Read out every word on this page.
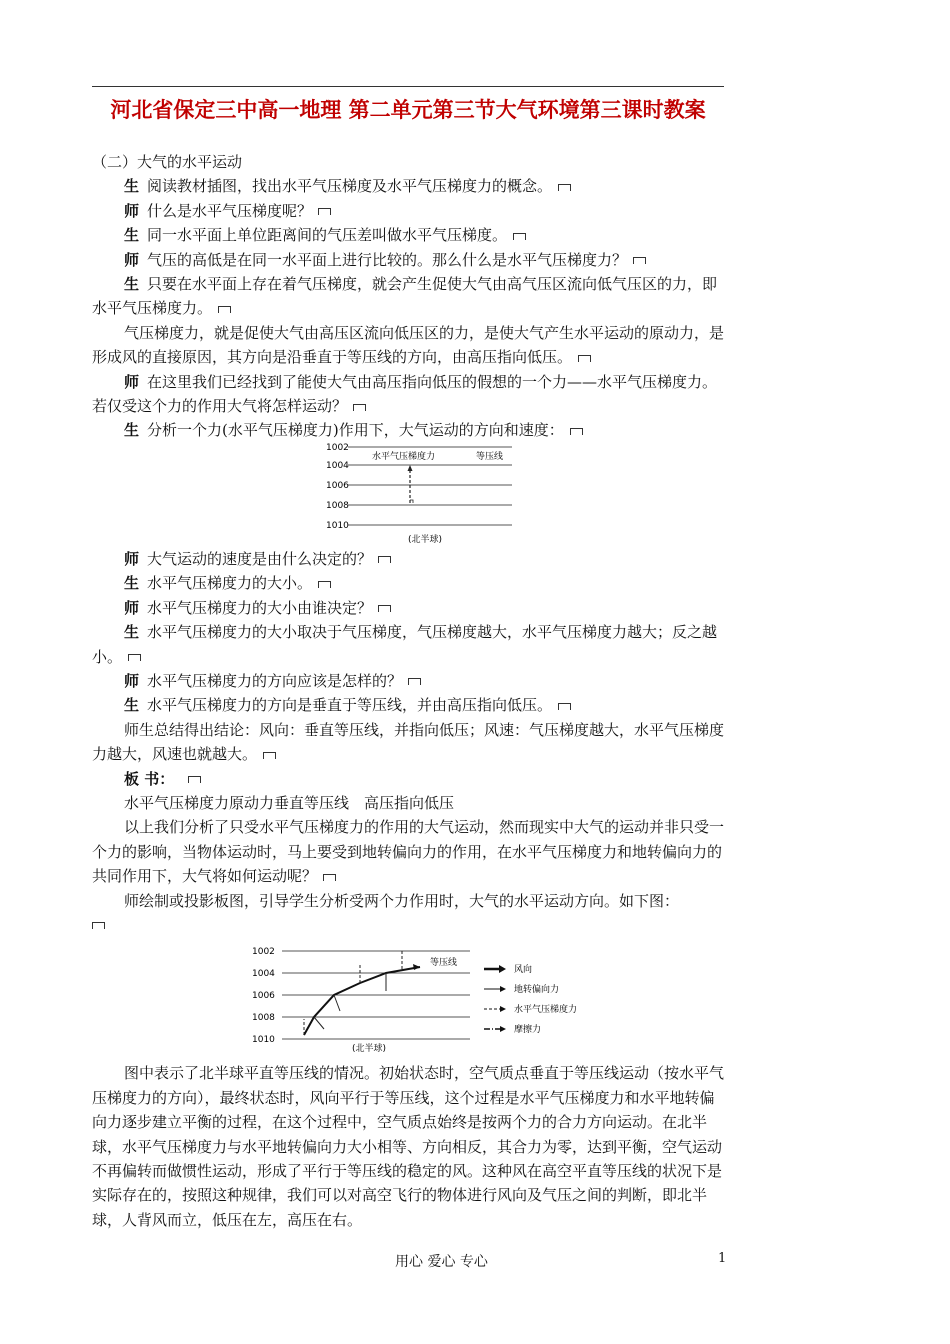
河北省保定三中高一地理 第二单元第三节大气环境第三课时教案

（二）大气的水平运动

生 阅读教材插图，找出水平气压梯度及水平气压梯度力的概念。

师 什么是水平气压梯度呢？

生 同一水平面上单位距离间的气压差叫做水平气压梯度。

师 气压的高低是在同一水平面上进行比较的。那么什么是水平气压梯度力？

生 只要在水平面上存在着气压梯度，就会产生促使大气由高气压区流向低气压区的力，即水平气压梯度力。

气压梯度力，就是促使大气由高压区流向低压区的力，是使大气产生水平运动的原动力，是形成风的直接原因，其方向是沿垂直于等压线的方向，由高压指向低压。

师 在这里我们已经找到了能使大气由高压指向低压的假想的一个力——水平气压梯度力。若仅受这个力的作用大气将怎样运动？

生 分析一个力(水平气压梯度力)作用下，大气运动的方向和速度：

1002
1004
1006
1008
1010
水平气压梯度力	等压线
(北半球)

师 大气运动的速度是由什么决定的？

生 水平气压梯度力的大小。

师 水平气压梯度力的大小由谁决定？

生 水平气压梯度力的大小取决于气压梯度，气压梯度越大，水平气压梯度力越大；反之越小。

师 水平气压梯度力的方向应该是怎样的？

生 水平气压梯度力的方向是垂直于等压线，并由高压指向低压。

师生总结得出结论：风向：垂直等压线，并指向低压；风速：气压梯度越大，水平气压梯度力越大，风速也就越大。

板 书：

水平气压梯度力原动力垂直等压线　高压指向低压

以上我们分析了只受水平气压梯度力的作用的大气运动，然而现实中大气的运动并非只受一个力的影响，当物体运动时，马上要受到地转偏向力的作用，在水平气压梯度力和地转偏向力的共同作用下，大气将如何运动呢？

师绘制或投影板图，引导学生分析受两个力作用时，大气的水平运动方向。如下图：

1002
1004
1006
1008
1010
等压线
风向
地转偏向力
水平气压梯度力
摩擦力
(北半球)

图中表示了北半球平直等压线的情况。初始状态时，空气质点垂直于等压线运动（按水平气压梯度力的方向），最终状态时，风向平行于等压线，这个过程是水平气压梯度力和水平地转偏向力逐步建立平衡的过程，在这个过程中，空气质点始终是按两个力的合力方向运动。在北半球，水平气压梯度力与水平地转偏向力大小相等、方向相反，其合力为零，达到平衡，空气运动不再偏转而做惯性运动，形成了平行于等压线的稳定的风。这种风在高空平直等压线的状况下是实际存在的，按照这种规律，我们可以对高空飞行的物体进行风向及气压之间的判断，即北半球，人背风而立，低压在左，高压在右。

用心 爱心 专心	1
